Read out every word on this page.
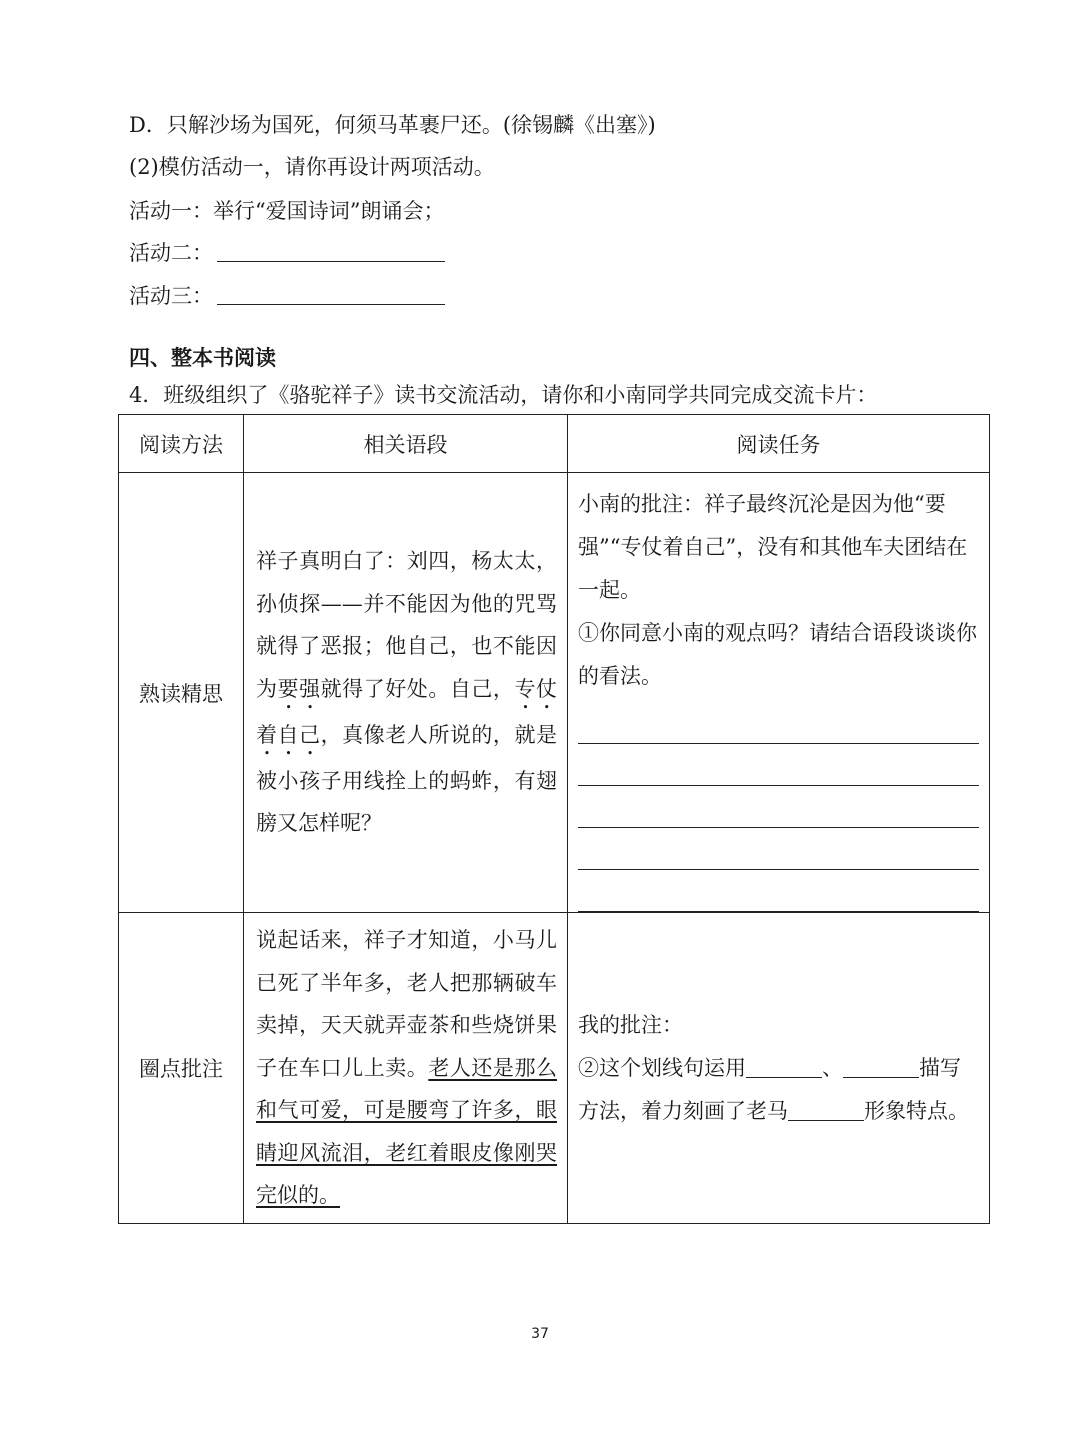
D．只解沙场为国死，何须马革裹尸还。(徐锡麟《出塞》)
(2)模仿活动一，请你再设计两项活动。
活动一：举行“爱国诗词”朗诵会；
活动二：
活动三：
四、整本书阅读
4．班级组织了《骆驼祥子》读书交流活动，请你和小南同学共同完成交流卡片：
阅读方法	相关语段	阅读任务
熟读精思	祥子真明白了：刘四，杨太太，孙侦探——并不能因为他的咒骂就得了恶报；他自己，也不能因为要强就得了好处。自己，专仗着自己，真像老人所说的，就是被小孩子用线拴上的蚂蚱，有翅膀又怎样呢？	小南的批注：祥子最终沉沦是因为他“要强”“专仗着自己”，没有和其他车夫团结在一起。
①你同意小南的观点吗？请结合语段谈谈你的看法。

圈点批注	说起话来，祥子才知道，小马儿已死了半年多，老人把那辆破车卖掉，天天就弄壶茶和些烧饼果子在车口儿上卖。老人还是那么和气可爱，可是腰弯了许多，眼睛迎风流泪，老红着眼皮像刚哭完似的。	我的批注：
②这个划线句运用 、 描写方法，着力刻画了老马 形象特点。
37
